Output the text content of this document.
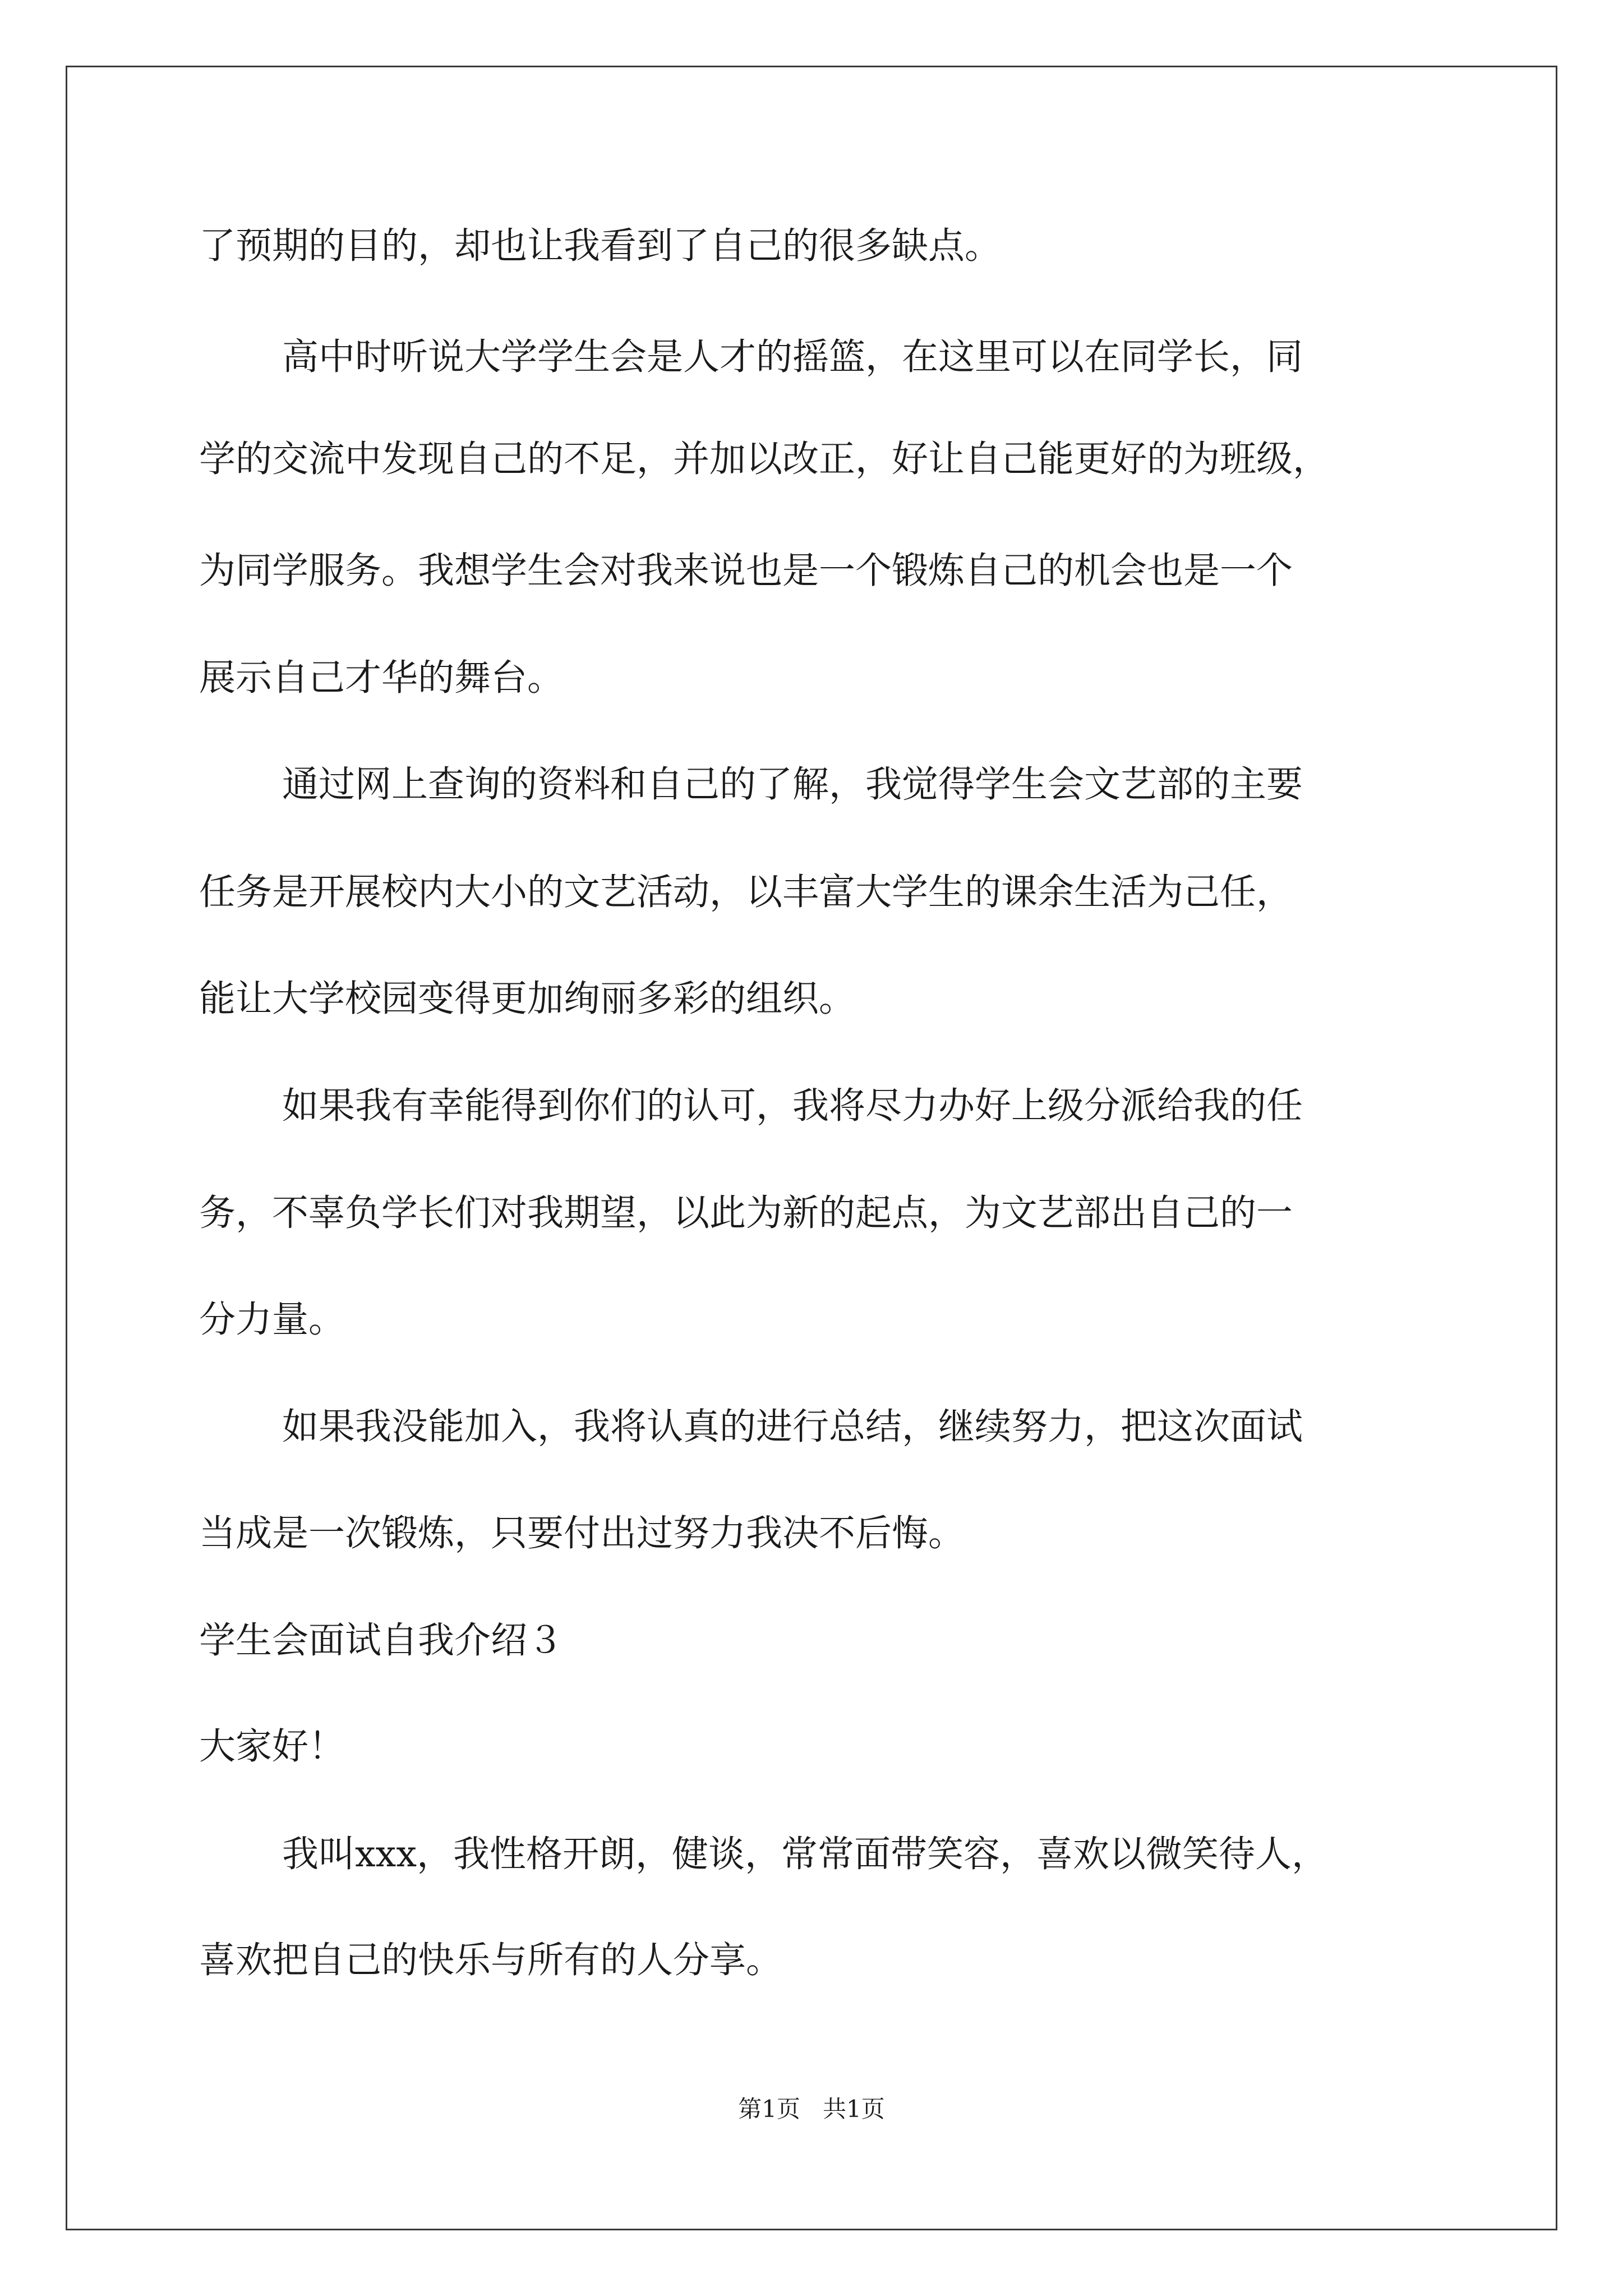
了预期的目的，却也让我看到了自己的很多缺点。
高中时听说大学学生会是人才的摇篮，在这里可以在同学长，同
学的交流中发现自己的不足，并加以改正，好让自己能更好的为班级，
为同学服务。我想学生会对我来说也是一个锻炼自己的机会也是一个
展示自己才华的舞台。
通过网上查询的资料和自己的了解，我觉得学生会文艺部的主要
任务是开展校内大小的文艺活动，以丰富大学生的课余生活为己任，
能让大学校园变得更加绚丽多彩的组织。
如果我有幸能得到你们的认可，我将尽力办好上级分派给我的任
务，不辜负学长们对我期望，以此为新的起点，为文艺部出自己的一
分力量。
如果我没能加入，我将认真的进行总结，继续努力，把这次面试
当成是一次锻炼，只要付出过努力我决不后悔。
学生会面试自我介绍３
大家好！
我叫xxx，我性格开朗，健谈，常常面带笑容，喜欢以微笑待人，
喜欢把自己的快乐与所有的人分享。
第1页   共1页
